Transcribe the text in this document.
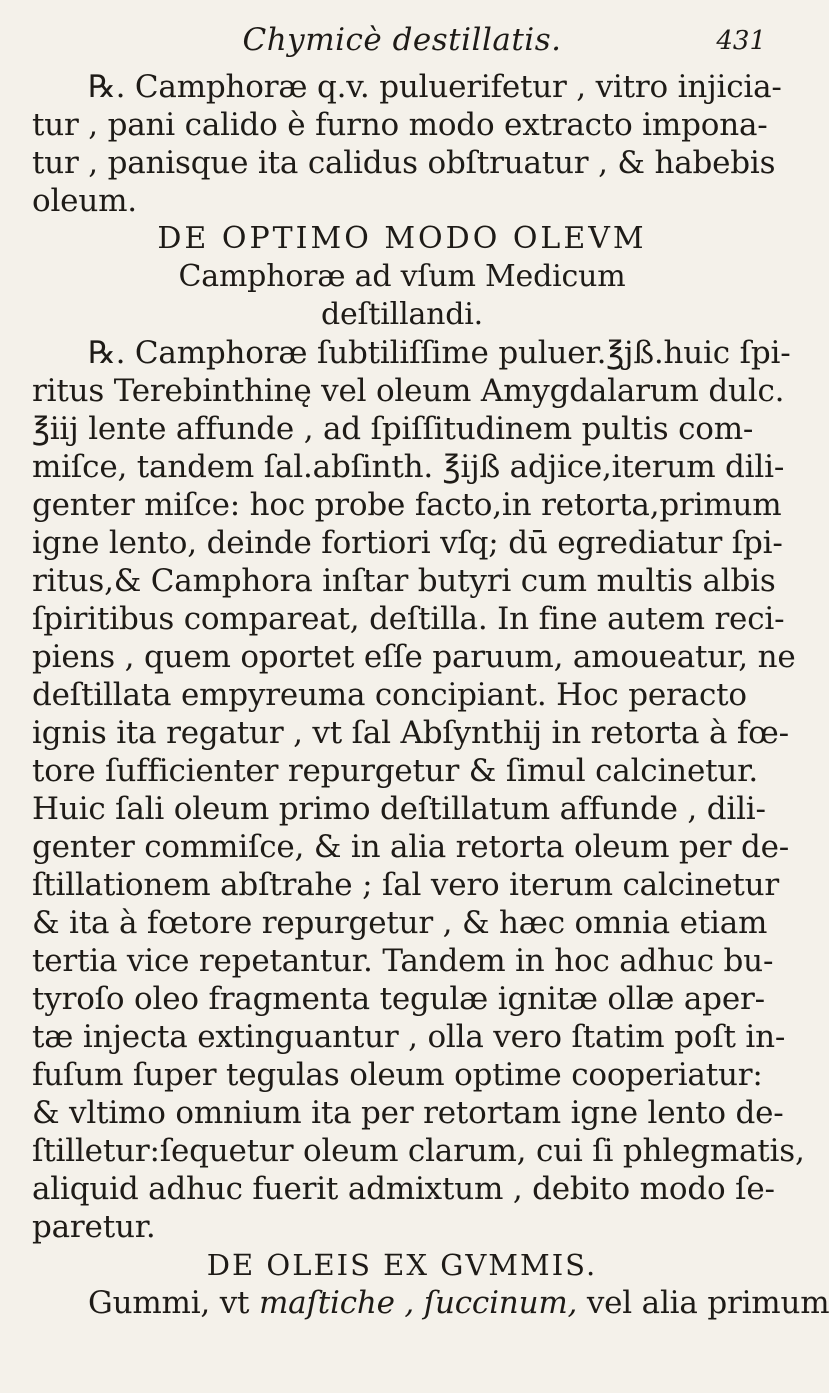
Chymicè destillatis.	431
℞. Camphoræ q.v. puluerifetur , vitro injicia-
tur , pani calido è furno modo extracto impona-
tur , panisque ita calidus obſtruatur , & habebis
oleum.
DE OPTIMO MODO OLEVM
Camphoræ ad vſum Medicum
deſtillandi.
℞. Camphoræ ſubtiliſſime puluer.℥jß.huic ſpi-
ritus Terebinthinę vel oleum Amygdalarum dulc.
℥iij lente affunde , ad ſpiſſitudinem pultis com-
miſce, tandem ſal.abſinth. ℥ijß adjice,iterum dili-
genter miſce: hoc probe facto,in retorta,primum
igne lento, deinde fortiori vſq; dū egrediatur ſpi-
ritus,& Camphora inſtar butyri cum multis albis
ſpiritibus compareat, deſtilla. In fine autem reci-
piens , quem oportet eſſe paruum, amoueatur, ne
deſtillata empyreuma concipiant. Hoc peracto
ignis ita regatur , vt ſal Abſynthij in retorta à fœ-
tore ſufficienter repurgetur & ſimul calcinetur.
Huic ſali oleum primo deſtillatum affunde , dili-
genter commiſce, & in alia retorta oleum per de-
ſtillationem abſtrahe ; ſal vero iterum calcinetur
& ita à fœtore repurgetur , & hæc omnia etiam
tertia vice repetantur. Tandem in hoc adhuc bu-
tyroſo oleo fragmenta tegulæ ignitæ ollæ aper-
tæ injecta extinguantur , olla vero ſtatim poſt in-
fuſum ſuper tegulas oleum optime cooperiatur:
& vltimo omnium ita per retortam igne lento de-
ſtilletur:ſequetur oleum clarum, cui ſi phlegmatis,
aliquid adhuc fuerit admixtum , debito modo ſe-
paretur.
DE OLEIS EX GVMMIS.
Gummi, vt maſtiche , ſuccinum, vel alia primum
